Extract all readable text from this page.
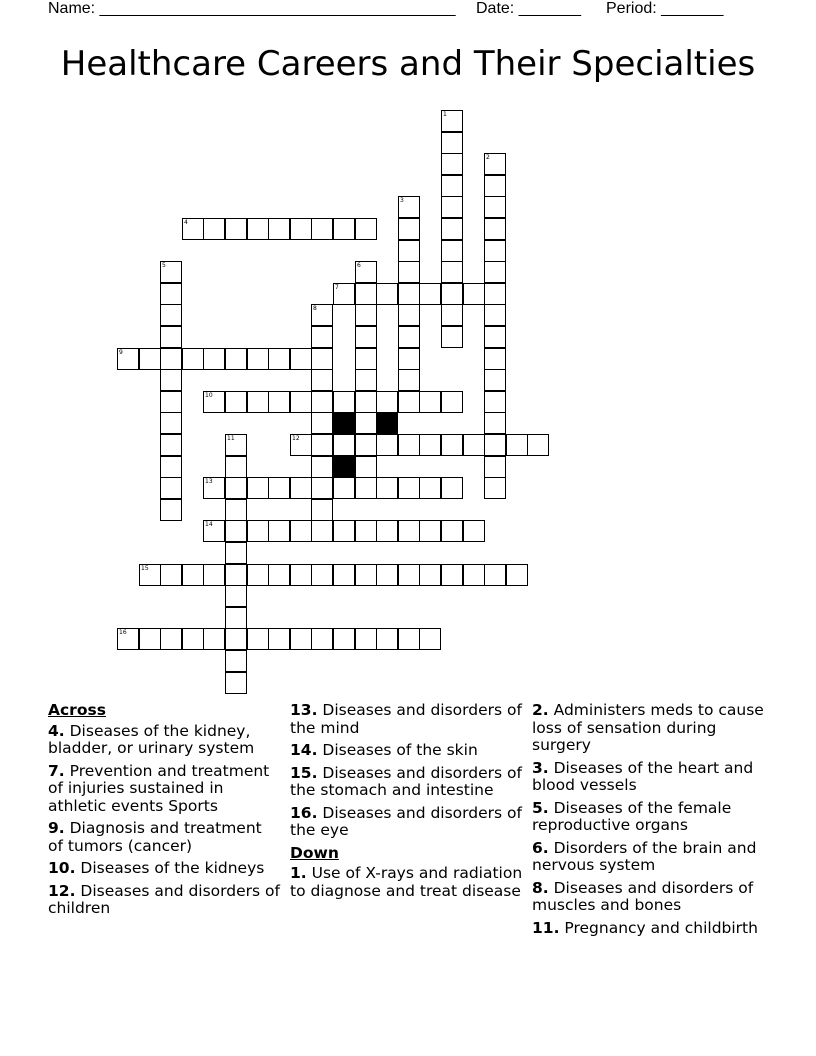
Name: ________________________________________

Date: _______

Period: _______

Healthcare Careers and Their Specialties
4
7
9
10
12
13
14
15
16
1
2
3
5	6
8
11
Across
4. Diseases of the kidney, bladder, or urinary system
7. Prevention and treatment of injuries sustained in athletic events Sports
9. Diagnosis and treatment of tumors (cancer)
10. Diseases of the kidneys
12. Diseases and disorders of children
13. Diseases and disorders of the mind
14. Diseases of the skin
15. Diseases and disorders of the stomach and intestine
16. Diseases and disorders of the eye
Down
1. Use of X-rays and radiation to diagnose and treat disease
2. Administers meds to cause loss of sensation during surgery
3. Diseases of the heart and blood vessels
5. Diseases of the female reproductive organs
6. Disorders of the brain and nervous system
8. Diseases and disorders of muscles and bones
11. Pregnancy and childbirth
